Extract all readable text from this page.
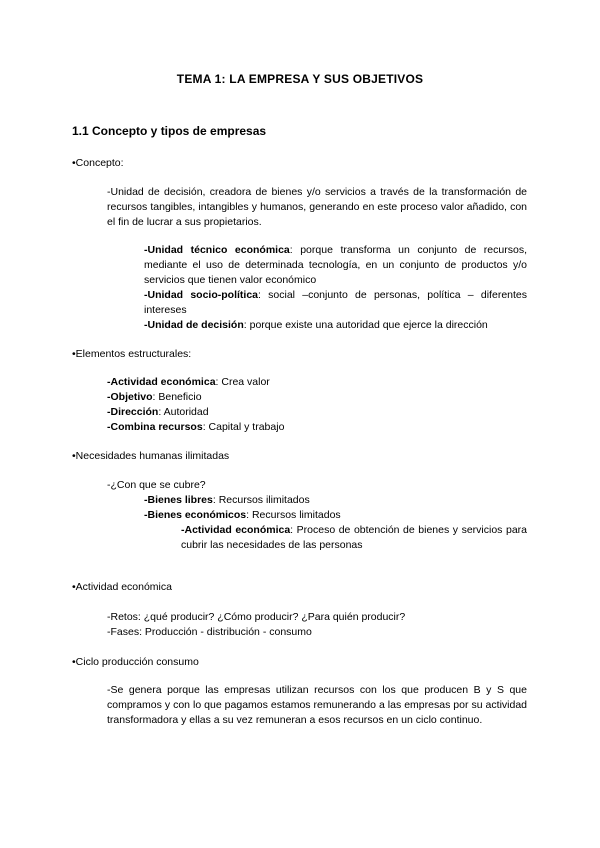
TEMA 1: LA EMPRESA Y SUS OBJETIVOS
1.1 Concepto y tipos de empresas
•Concepto:
-Unidad de decisión, creadora de bienes y/o servicios a través de la transformación de recursos tangibles, intangibles y humanos, generando en este proceso valor añadido, con el fin de lucrar a sus propietarios.
-Unidad técnico económica: porque transforma un conjunto de recursos, mediante el uso de determinada tecnología, en un conjunto de productos y/o servicios que tienen valor económico
-Unidad socio-política: social –conjunto de personas, política – diferentes intereses
-Unidad de decisión: porque existe una autoridad que ejerce la dirección
•Elementos estructurales:
-Actividad económica: Crea valor
-Objetivo: Beneficio
-Dirección: Autoridad
-Combina recursos: Capital y trabajo
•Necesidades humanas ilimitadas
-¿Con que se cubre?
-Bienes libres: Recursos ilimitados
-Bienes económicos: Recursos limitados
-Actividad económica: Proceso de obtención de bienes y servicios para cubrir las necesidades de las personas
•Actividad económica
-Retos: ¿qué producir? ¿Cómo producir? ¿Para quién producir?
-Fases: Producción - distribución - consumo
•Ciclo producción consumo
-Se genera porque las empresas utilizan recursos con los que producen B y S que compramos y con lo que pagamos estamos remunerando a las empresas por su actividad transformadora y ellas a su vez remuneran a esos recursos en un ciclo continuo.
